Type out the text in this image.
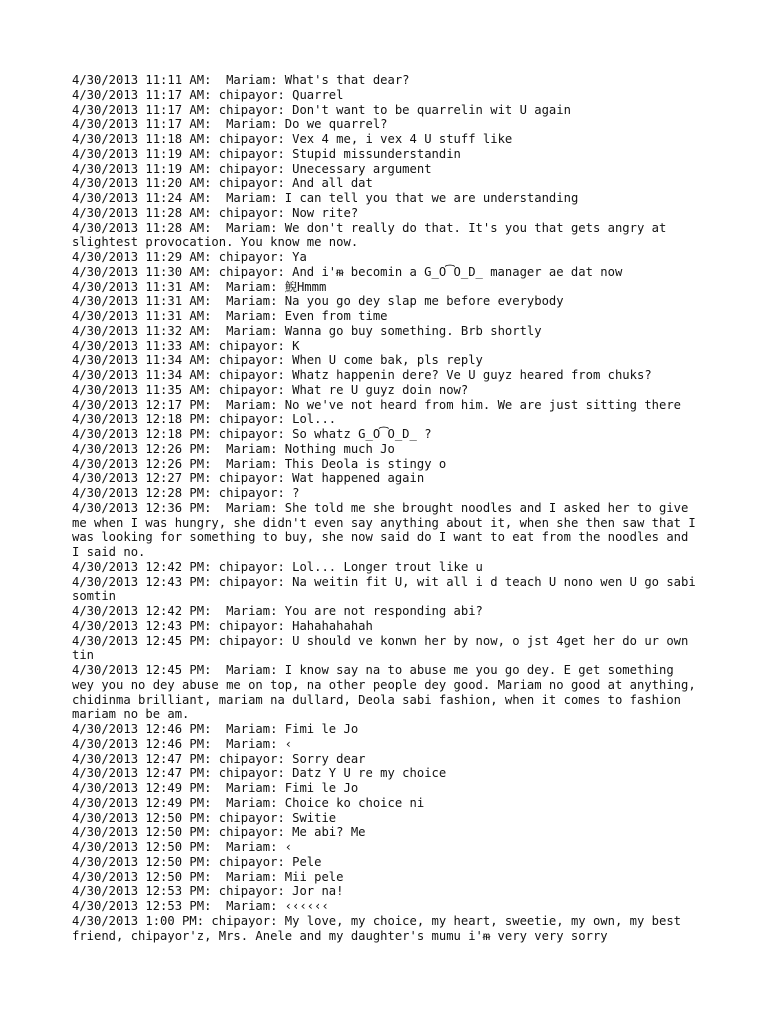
4/30/2013 11:11 AM:  Mariam: What's that dear?

4/30/2013 11:17 AM: chipayor: Quarrel

4/30/2013 11:17 AM: chipayor: Don't want to be quarrelin wit U again

4/30/2013 11:17 AM:  Mariam: Do we quarrel?

4/30/2013 11:18 AM: chipayor: Vex 4 me, i vex 4 U stuff like

4/30/2013 11:19 AM: chipayor: Stupid missunderstandin

4/30/2013 11:19 AM: chipayor: Unecessary argument

4/30/2013 11:20 AM: chipayor: And all dat

4/30/2013 11:24 AM:  Mariam: I can tell you that we are understanding

4/30/2013 11:28 AM: chipayor: Now rite?

4/30/2013 11:28 AM:  Mariam: We don't really do that. It's you that gets angry at slightest provocation. You know me now.

4/30/2013 11:29 AM: chipayor: Ya

4/30/2013 11:30 AM: chipayor: And i'ᵯ becomin a G̲O͡O̲D̲ manager ae dat now

4/30/2013 11:31 AM:  Mariam: 鯢Hmmm

4/30/2013 11:31 AM:  Mariam: Na you go dey slap me before everybody

4/30/2013 11:31 AM:  Mariam: Even from time

4/30/2013 11:32 AM:  Mariam: Wanna go buy something. Brb shortly

4/30/2013 11:33 AM: chipayor: K

4/30/2013 11:34 AM: chipayor: When U come bak, pls reply

4/30/2013 11:34 AM: chipayor: Whatz happenin dere? Ve U guyz heared from chuks?

4/30/2013 11:35 AM: chipayor: What re U guyz doin now?

4/30/2013 12:17 PM:  Mariam: No we've not heard from him. We are just sitting there

4/30/2013 12:18 PM: chipayor: Lol...

4/30/2013 12:18 PM: chipayor: So whatz G̲O͡O̲D̲ ?

4/30/2013 12:26 PM:  Mariam: Nothing much Jo

4/30/2013 12:26 PM:  Mariam: This Deola is stingy o

4/30/2013 12:27 PM: chipayor: Wat happened again

4/30/2013 12:28 PM: chipayor: ?

4/30/2013 12:36 PM:  Mariam: She told me she brought noodles and I asked her to give me when I was hungry, she didn't even say anything about it, when she then saw that I was looking for something to buy, she now said do I want to eat from the noodles and I said no.

4/30/2013 12:42 PM: chipayor: Lol... Longer trout like u

4/30/2013 12:43 PM: chipayor: Na weitin fit U, wit all i d teach U nono wen U go sabi somtin

4/30/2013 12:42 PM:  Mariam: You are not responding abi?

4/30/2013 12:43 PM: chipayor: Hahahahahah

4/30/2013 12:45 PM: chipayor: U should ve konwn her by now, o jst 4get her do ur own tin

4/30/2013 12:45 PM:  Mariam: I know say na to abuse me you go dey. E get something wey you no dey abuse me on top, na other people dey good. Mariam no good at anything, chidinma brilliant, mariam na dullard, Deola sabi fashion, when it comes to fashion mariam no be am.

4/30/2013 12:46 PM:  Mariam: Fimi le Jo

4/30/2013 12:46 PM:  Mariam: ‹

4/30/2013 12:47 PM: chipayor: Sorry dear

4/30/2013 12:47 PM: chipayor: Datz Y U re my choice

4/30/2013 12:49 PM:  Mariam: Fimi le Jo

4/30/2013 12:49 PM:  Mariam: Choice ko choice ni

4/30/2013 12:50 PM: chipayor: Switie

4/30/2013 12:50 PM: chipayor: Me abi? Me

4/30/2013 12:50 PM:  Mariam: ‹

4/30/2013 12:50 PM: chipayor: Pele

4/30/2013 12:50 PM:  Mariam: Mii pele

4/30/2013 12:53 PM: chipayor: Jor na!

4/30/2013 12:53 PM:  Mariam: ‹‹‹‹‹‹

4/30/2013 1:00 PM: chipayor: My love, my choice, my heart, sweetie, my own, my best friend, chipayor'z, Mrs. Anele and my daughter's mumu i'ᵯ very very sorry
